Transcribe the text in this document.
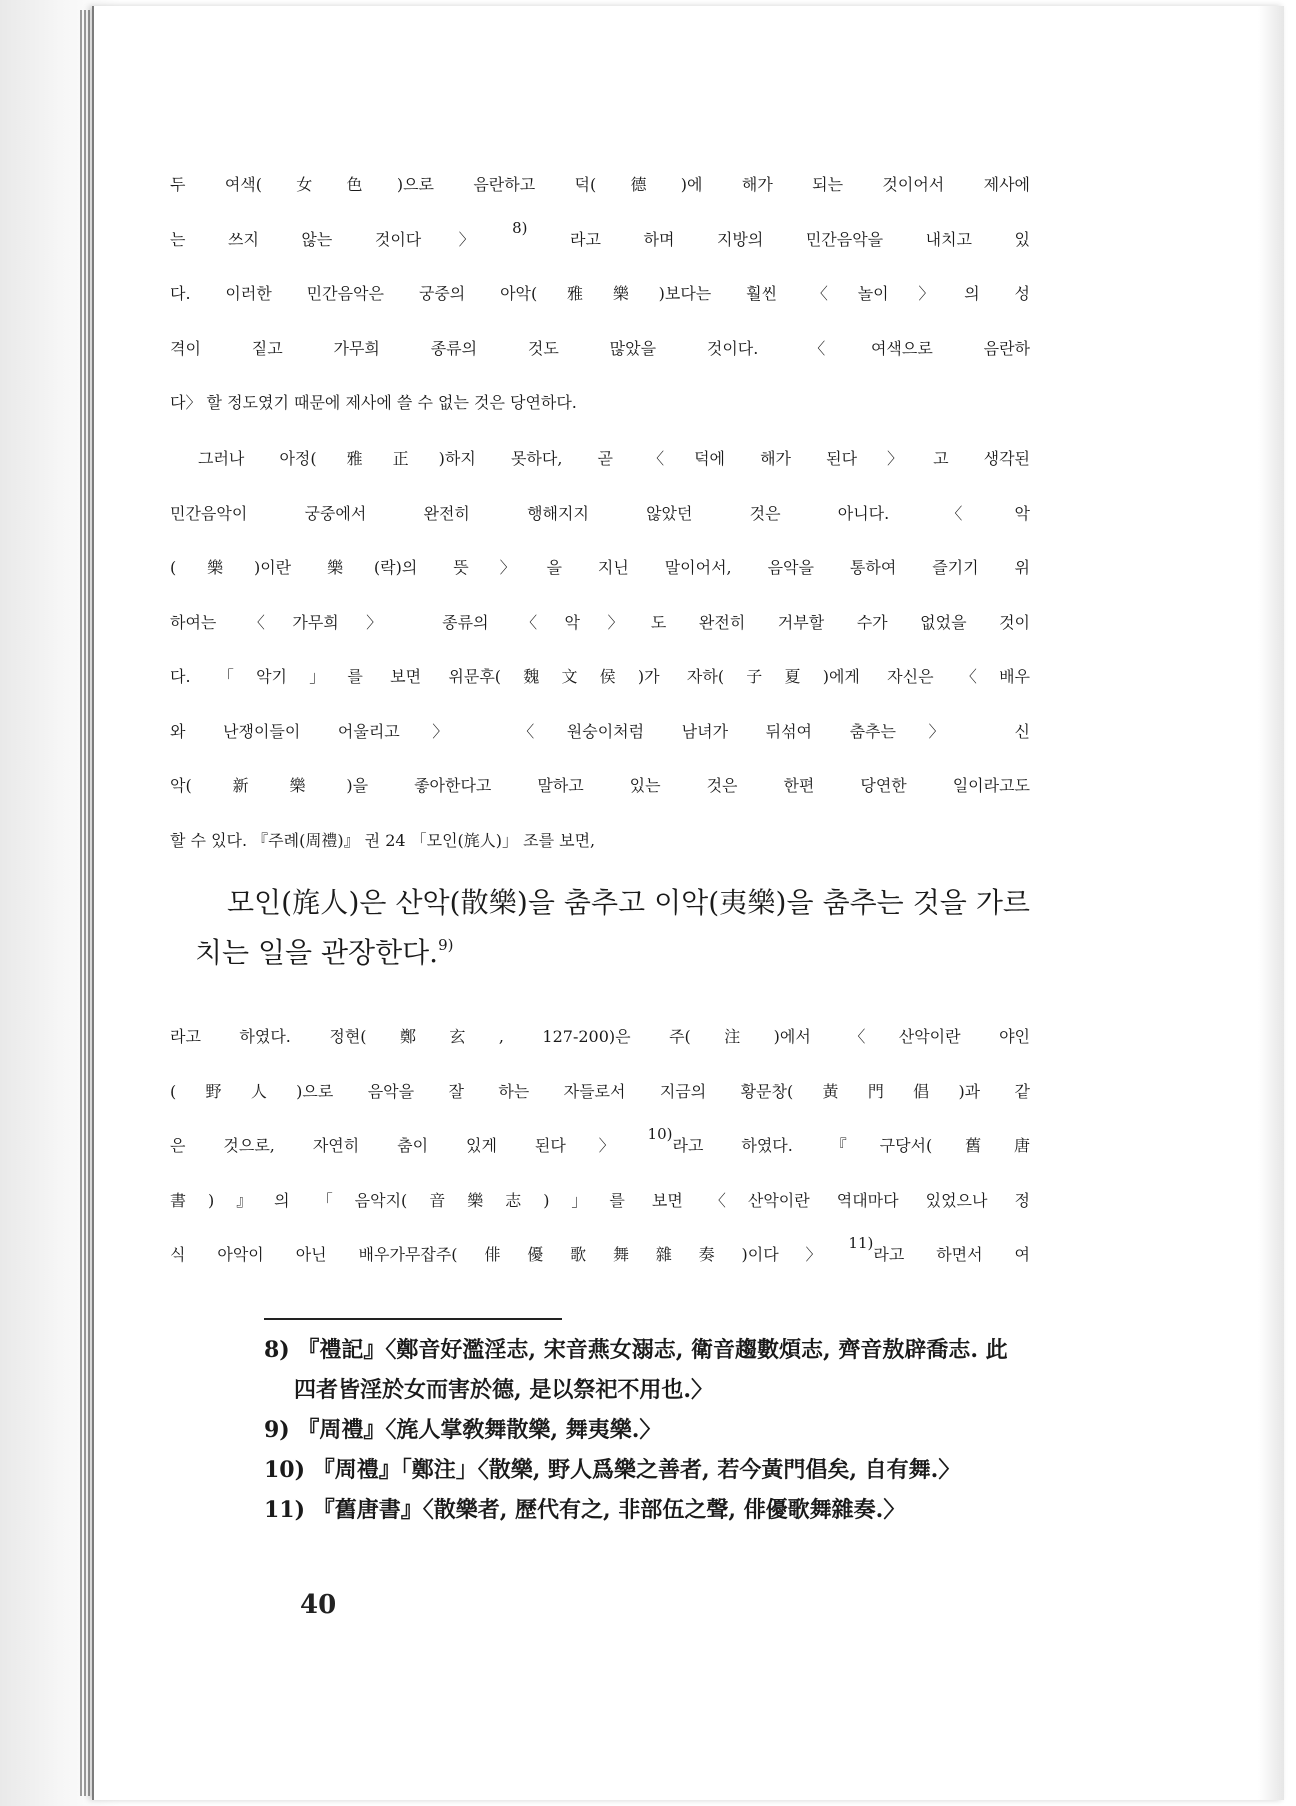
두 여색(女色)으로 음란하고 덕(德)에 해가 되는 것이어서 제사에
는 쓰지 않는 것이다〉$^{8)}$ 라고 하며 지방의 민간음악을 내치고 있
다. 이러한 민간음악은 궁중의 아악(雅樂)보다는 훨씬 〈놀이〉의 성
격이 짙고 가무희 종류의 것도 많았을 것이다. 〈여색으로 음란하
다〉 할 정도였기 때문에 제사에 쓸 수 없는 것은 당연하다.
그러나 아정(雅正)하지 못하다, 곧 〈덕에 해가 된다〉고 생각된
민간음악이 궁중에서 완전히 행해지지 않았던 것은 아니다. 〈악
(樂)이란 樂(락)의 뜻〉을 지닌 말이어서, 음악을 통하여 즐기기 위
하여는 〈가무희〉 종류의 〈악〉도 완전히 거부할 수가 없었을 것이
다. 「악기」를 보면 위문후(魏文侯)가 자하(子夏)에게 자신은 〈배우
와 난쟁이들이 어울리고〉 〈원숭이처럼 남녀가 뒤섞여 춤추는〉 신
악(新樂)을 좋아한다고 말하고 있는 것은 한편 당연한 일이라고도
할 수 있다. 『주례(周禮)』 권 24 「모인(旄人)」 조를 보면,
모인(旄人)은 산악(散樂)을 춤추고 이악(夷樂)을 춤추는 것을 가르
치는 일을 관장한다.$^{9)}$
라고 하였다. 정현(鄭玄, 127-200)은 주(注)에서 〈산악이란 야인
(野人)으로 음악을 잘 하는 자들로서 지금의 황문창(黃門倡)과 같
은 것으로, 자연히 춤이 있게 된다〉$^{10)}$라고 하였다. 『구당서(舊唐
書)』의 「음악지(音樂志)」를 보면 〈산악이란 역대마다 있었으나 정
식 아악이 아닌 배우가무잡주(俳優歌舞雜奏)이다〉$^{11)}$라고 하면서 여
8) 『禮記』〈鄭音好濫淫志, 宋音燕女溺志, 衛音趨數煩志, 齊音敖辟喬志. 此
四者皆淫於女而害於德, 是以祭祀不用也.〉
9) 『周禮』〈旄人掌敎舞散樂, 舞夷樂.〉
10) 『周禮』「鄭注」〈散樂, 野人爲樂之善者, 若今黃門倡矣, 自有舞.〉
11) 『舊唐書』〈散樂者, 歷代有之, 非部伍之聲, 俳優歌舞雜奏.〉
40
